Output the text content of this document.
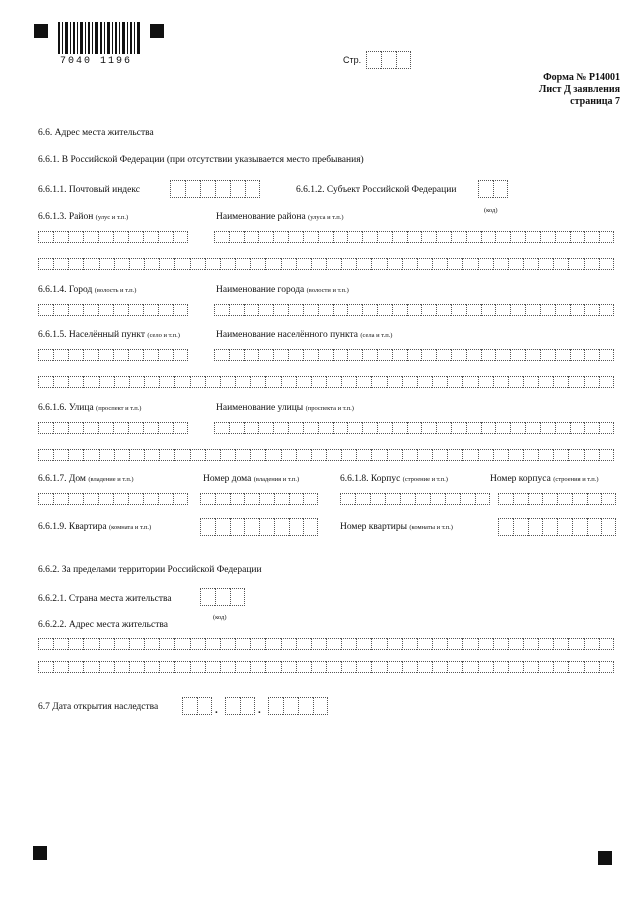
7040 1196	Стр.
Форма № Р14001
Лист Д заявления
страница 7
6.6. Адрес места жительства
6.6.1. В Российской Федерации (при отсутствии указывается место пребывания)
6.6.1.1. Почтовый индекс	6.6.1.2. Субъект Российской Федерации
(код)
6.6.1.3. Район (улус и т.п.)	Наименование района (улуса и т.п.)
6.6.1.4. Город (волость и т.п.)	Наименование города (волости и т.п.)
6.6.1.5. Населённый пункт (село и т.п.)	Наименование населённого пункта (села и т.п.)
6.6.1.6. Улица (проспект и т.п.)	Наименование улицы (проспекта и т.п.)
6.6.1.7. Дом (владение и т.п.)	Номер дома (владения и т.п.)	6.6.1.8. Корпус (строение и т.п.)	Номер корпуса (строения и т.п.)
6.6.1.9. Квартира (комната и т.п.)	Номер квартиры (комнаты и т.п.)
6.6.2. За пределами территории Российской Федерации
6.6.2.1. Страна места жительства
(код)
6.6.2.2. Адрес места жительства
6.7 Дата открытия наследства	.	.
